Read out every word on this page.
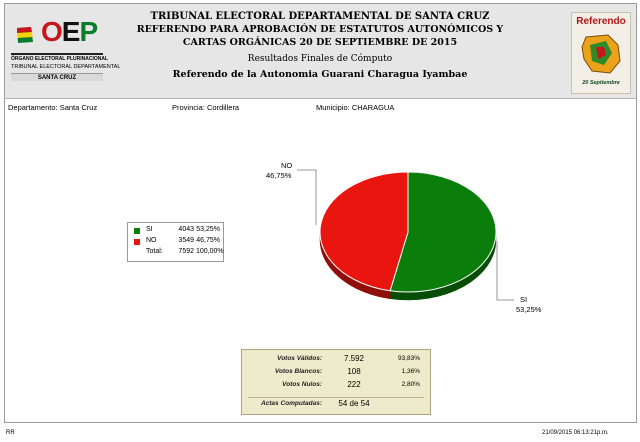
OEP
ÓRGANO ELECTORAL PLURINACIONAL
TRIBUNAL ELECTORAL DEPARTAMENTAL
SANTA CRUZ
TRIBUNAL ELECTORAL DEPARTAMENTAL DE SANTA CRUZ
REFERENDO PARA APROBACIÓN DE ESTATUTOS AUTONÓMICOS Y
CARTAS ORGÁNICAS 20 DE SEPTIEMBRE DE 2015
Resultados Finales de Cómputo
Referendo de la Autonomia Guarani Charagua Iyambae
Referendo
20 Septiembre
Departamento: Santa Cruz	Provincia: Cordillera	Municipio: CHARAGUA
NO
46,75%
SI
53,25%
SI	4043 53,25%
NO	3549 46,75%
Total:	7592 100,00%
Votos Válidos:	7.592	93,83%
Votos Blancos:	108	1,36%
Votos Nulos:	222	2,80%
Actas Computadas:	54 de 54
RR	21/09/2015 06:13:21p.m.
